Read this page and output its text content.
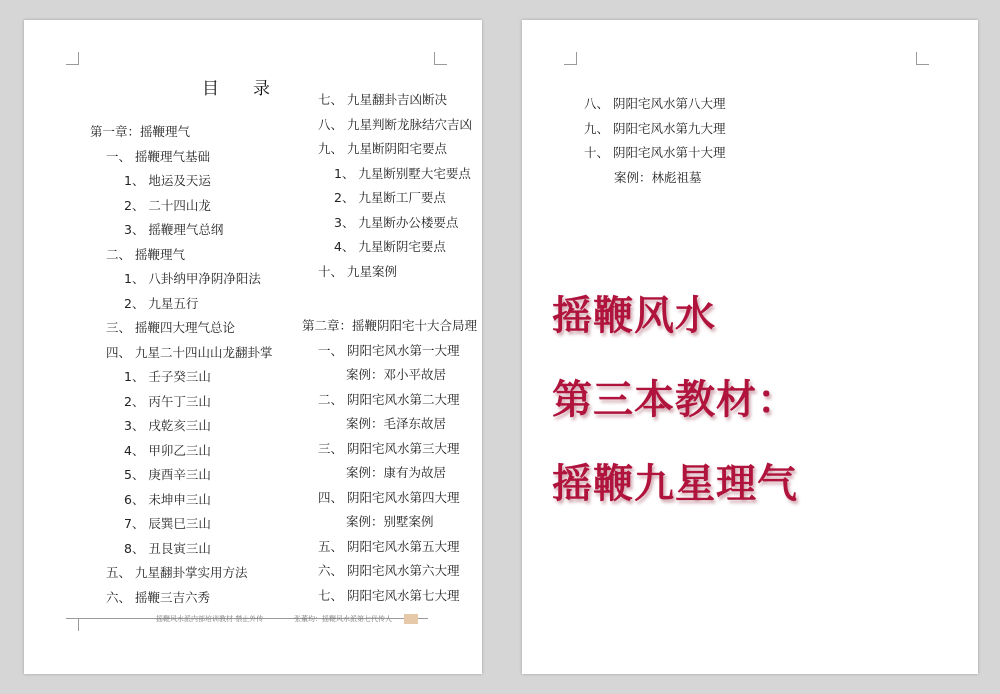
目 录
第一章：摇鞭理气
一、 摇鞭理气基础
1、 地运及天运
2、 二十四山龙
3、 摇鞭理气总纲
二、 摇鞭理气
1、 八卦纳甲净阴净阳法
2、 九星五行
三、 摇鞭四大理气总论
四、 九星二十四山山龙翻卦掌
1、 壬子癸三山
2、 丙午丁三山
3、 戌乾亥三山
4、 甲卯乙三山
5、 庚酉辛三山
6、 未坤申三山
7、 辰巽巳三山
8、 丑艮寅三山
五、 九星翻卦掌实用方法
六、 摇鞭三吉六秀
七、 九星翻卦吉凶断决
八、 九星判断龙脉结穴吉凶
九、 九星断阴阳宅要点
1、 九星断别墅大宅要点
2、 九星断工厂要点
3、 九星断办公楼要点
4、 九星断阴宅要点
十、 九星案例
第二章：摇鞭阴阳宅十大合局理
一、 阴阳宅风水第一大理
案例：邓小平故居
二、 阴阳宅风水第二大理
案例：毛泽东故居
三、 阴阳宅风水第三大理
案例：康有为故居
四、 阴阳宅风水第四大理
案例：别墅案例
五、 阴阳宅风水第五大理
六、 阴阳宅风水第六大理
七、 阴阳宅风水第七大理
摇鞭风水派内部培训教材 禁止外传	张董均：摇鞭风水派第七代传人
八、 阴阳宅风水第八大理
九、 阴阳宅风水第九大理
十、 阴阳宅风水第十大理
案例：林彪祖墓
摇鞭风水
第三本教材：
摇鞭九星理气
